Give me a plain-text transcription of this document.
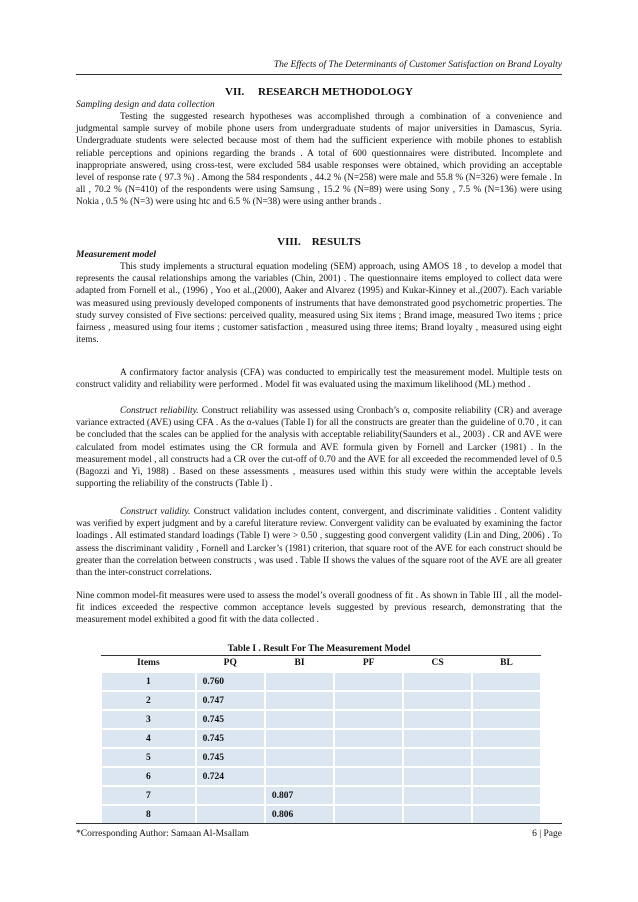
The Effects of The Determinants of Customer Satisfaction on Brand Loyalty
VII. RESEARCH METHODOLOGY
Sampling design and data collection
Testing the suggested research hypotheses was accomplished through a combination of a convenience and judgmental sample survey of mobile phone users from undergraduate students of major universities in Damascus, Syria. Undergraduate students were selected because most of them had the sufficient experience with mobile phones to establish reliable perceptions and opinions regarding the brands . A total of 600 questionnaires were distributed. Incomplete and inappropriate answered, using cross-test, were excluded 584 usable responses were obtained, which providing an acceptable level of response rate ( 97.3 %) . Among the 584 respondents , 44.2 % (N=258) were male and 55.8 % (N=326) were female . In all , 70.2 % (N=410) of the respondents were using Samsung , 15.2 % (N=89) were using Sony , 7.5 % (N=136) were using Nokia , 0.5 % (N=3) were using htc and 6.5 % (N=38) were using anther brands .
VIII. RESULTS
Measurement model
This study implements a structural equation modeling (SEM) approach, using AMOS 18 , to develop a model that represents the causal relationships among the variables (Chin, 2001) . The questionnaire items employed to collect data were adapted from Fornell et al., (1996) , Yoo et al.,(2000), Aaker and Alvarez (1995) and Kukar-Kinney et al.,(2007). Each variable was measured using previously developed components of instruments that have demonstrated good psychometric properties. The study survey consisted of Five sections: perceived quality, measured using Six items ; Brand image, measured Two items ; price fairness , measured using four items ; customer satisfaction , measured using three items; Brand loyalty , measured using eight items.
A confirmatory factor analysis (CFA) was conducted to empirically test the measurement model. Multiple tests on construct validity and reliability were performed . Model fit was evaluated using the maximum likelihood (ML) method .
Construct reliability. Construct reliability was assessed using Cronbach’s α, composite reliability (CR) and average variance extracted (AVE) using CFA . As the α-values (Table I) for all the constructs are greater than the guideline of 0.70 , it can be concluded that the scales can be applied for the analysis with acceptable reliability(Saunders et al., 2003) . CR and AVE were calculated from model estimates using the CR formula and AVE formula given by Fornell and Larcker (1981) . In the measurement model , all constructs had a CR over the cut-off of 0.70 and the AVE for all exceeded the recommended level of 0.5 (Bagozzi and Yi, 1988) . Based on these assessments , measures used within this study were within the acceptable levels supporting the reliability of the constructs (Table I) .
Construct validity. Construct validation includes content, convergent, and discriminate validities . Content validity was verified by expert judgment and by a careful literature review. Convergent validity can be evaluated by examining the factor loadings . All estimated standard loadings (Table I) were > 0.50 , suggesting good convergent validity (Lin and Ding, 2006) . To assess the discriminant validity , Fornell and Larcker’s (1981) criterion, that square root of the AVE for each construct should be greater than the correlation between constructs , was used . Table II shows the values of the square root of the AVE are all greater than the inter-construct correlations.
Nine common model-fit measures were used to assess the model’s overall goodness of fit . As shown in Table III , all the model-fit indices exceeded the respective common acceptance levels suggested by previous research, demonstrating that the measurement model exhibited a good fit with the data collected .
Table I . Result For The Measurement Model
Items	PQ	BI	PF	CS	BL
1	0.760				
2	0.747				
3	0.745				
4	0.745				
5	0.745				
6	0.724				
7		0.807			
8		0.806			
*Corresponding Author: Samaan Al-Msallam	6 | Page
